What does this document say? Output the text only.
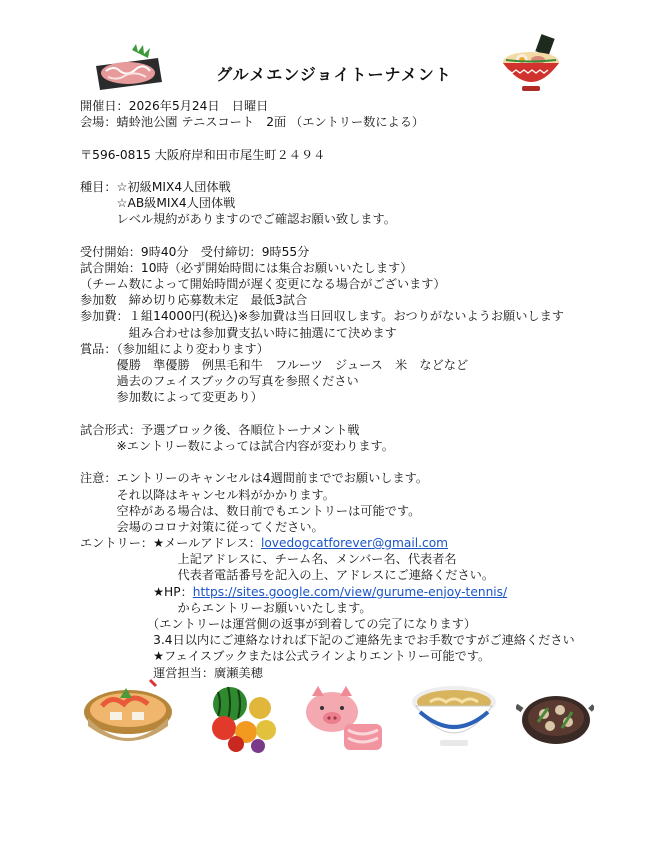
グルメエンジョイトーナメント
開催日：2026年5月24日　日曜日
会場：蜻蛉池公園 テニスコート　2面 （エントリー数による）
〒596-0815 大阪府岸和田市尾生町２４９４
種目：☆初級MIX4人団体戦
　　　☆AB級MIX4人団体戦
　　　レベル規約がありますのでご確認お願い致します。
受付開始：9時40分　受付締切：9時55分
試合開始：10時（必ず開始時間には集合お願いいたします）
（チーム数によって開始時間が遅く変更になる場合がございます）
参加数　締め切り応募数未定　最低3試合
参加費：１組14000円(税込)※参加費は当日回収します。おつりがないようお願いします
　　　　組み合わせは参加費支払い時に抽選にて決めます
賞品：（参加組により変わります）
　　　優勝　準優勝　例黒毛和牛　フルーツ　ジュース　米　などなど
　　　過去のフェイスブックの写真を参照ください
　　　参加数によって変更あり）
試合形式：予選ブロック後、各順位トーナメント戦
　　　※エントリー数によっては試合内容が変わります。
注意：エントリーのキャンセルは4週間前まででお願いします。
　　　それ以降はキャンセル料がかかります。
　　　空枠がある場合は、数日前でもエントリーは可能です。
　　　会場のコロナ対策に従ってください。
エントリー：★メールアドレス：lovedogcatforever@gmail.com
　　　　　　　　上記アドレスに、チーム名、メンバー名、代表者名
　　　　　　　　代表者電話番号を記入の上、アドレスにご連絡ください。
　　　　　　★HP：https://sites.google.com/view/gurume-enjoy-tennis/
　　　　　　　　からエントリーお願いいたします。
　　　　　　（エントリーは運営側の返事が到着しての完了になります）
　　　　　　3.4日以内にご連絡なければ下記のご連絡先までお手数ですがご連絡ください
　　　　　　★フェイスブックまたは公式ラインよりエントリー可能です。
　　　　　　運営担当：廣瀬美穂
